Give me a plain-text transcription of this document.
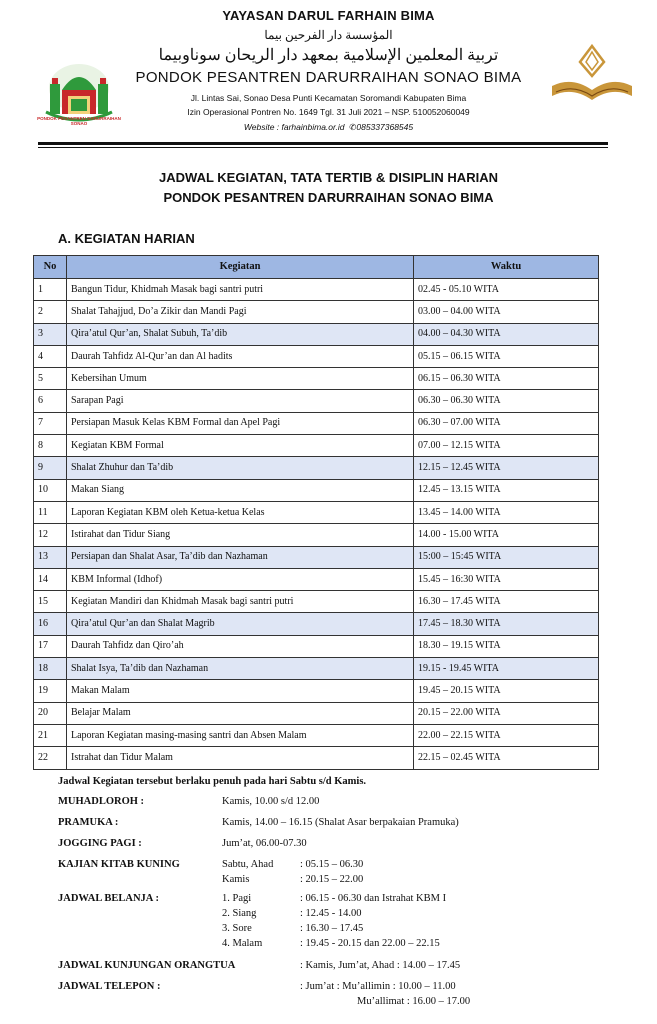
PONDOK PESANTREN DARURRAIHAN SONAO
YAYASAN DARUL FARHAIN BIMA
المؤسسة دار الفرحين بيما
تربية المعلمين الإسلامية بمعهد دار الريحان سوناوبيما
PONDOK PESANTREN DARURRAIHAN SONAO BIMA
Jl. Lintas Sai, Sonao Desa Punti Kecamatan Soromandi Kabupaten Bima
Izin Operasional Pontren No. 1649 Tgl. 31 Juli 2021 – NSP. 510052060049
Website : farhainbima.or.id  ✆085337368545
JADWAL KEGIATAN, TATA TERTIB & DISIPLIN HARIAN
PONDOK PESANTREN DARURRAIHAN SONAO BIMA
A. KEGIATAN HARIAN
No	Kegiatan	Waktu
1	Bangun Tidur, Khidmah Masak bagi santri putri	02.45 - 05.10 WITA
2	Shalat Tahajjud, Do’a Zikir dan Mandi Pagi	03.00 – 04.00 WITA
3	Qira’atul Qur’an, Shalat Subuh, Ta’dib	04.00 – 04.30 WITA
4	Daurah Tahfidz Al-Qur’an dan Al hadits	05.15 – 06.15 WITA
5	Kebersihan Umum	06.15 – 06.30 WITA
6	Sarapan Pagi	06.30 – 06.30 WITA
7	Persiapan Masuk Kelas KBM Formal dan Apel Pagi	06.30 – 07.00 WITA
8	Kegiatan KBM Formal	07.00 – 12.15 WITA
9	Shalat Zhuhur dan Ta’dib	12.15 – 12.45 WITA
10	Makan Siang	12.45 – 13.15 WITA
11	Laporan Kegiatan KBM oleh Ketua-ketua Kelas	13.45 – 14.00 WITA
12	Istirahat dan Tidur Siang	14.00 - 15.00 WITA
13	Persiapan dan Shalat Asar, Ta’dib dan Nazhaman	15:00 – 15:45 WITA
14	KBM Informal (Idhof)	15.45 – 16:30 WITA
15	Kegiatan Mandiri dan Khidmah Masak bagi santri putri	16.30 – 17.45 WITA
16	Qira’atul Qur’an dan Shalat Magrib	17.45 – 18.30 WITA
17	Daurah Tahfidz dan Qiro’ah	18.30 – 19.15 WITA
18	Shalat Isya, Ta’dib dan Nazhaman	19.15 - 19.45 WITA
19	Makan Malam	19.45 – 20.15 WITA
20	Belajar Malam	20.15 – 22.00 WITA
21	Laporan Kegiatan masing-masing santri dan Absen Malam	22.00 – 22.15 WITA
22	Istrahat dan Tidur Malam	22.15 – 02.45 WITA
Jadwal Kegiatan tersebut berlaku penuh pada hari Sabtu s/d Kamis.
MUHADLOROH :	Kamis, 10.00 s/d 12.00
PRAMUKA :	Kamis, 14.00 – 16.15 (Shalat Asar berpakaian Pramuka)
JOGGING PAGI :	Jum’at, 06.00-07.30
KAJIAN KITAB KUNING	Sabtu, Ahad	: 05.15 – 06.30
Kamis	: 20.15 – 22.00
JADWAL BELANJA :	1. Pagi	: 06.15 - 06.30 dan Istrahat KBM I
2. Siang	: 12.45 - 14.00
3. Sore	: 16.30 – 17.45
4. Malam	: 19.45 - 20.15 dan 22.00 – 22.15
JADWAL KUNJUNGAN ORANGTUA	: Kamis, Jum’at, Ahad : 14.00 – 17.45
JADWAL TELEPON :	: Jum’at : Mu’allimin : 10.00 – 11.00
Mu’allimat : 16.00 – 17.00
